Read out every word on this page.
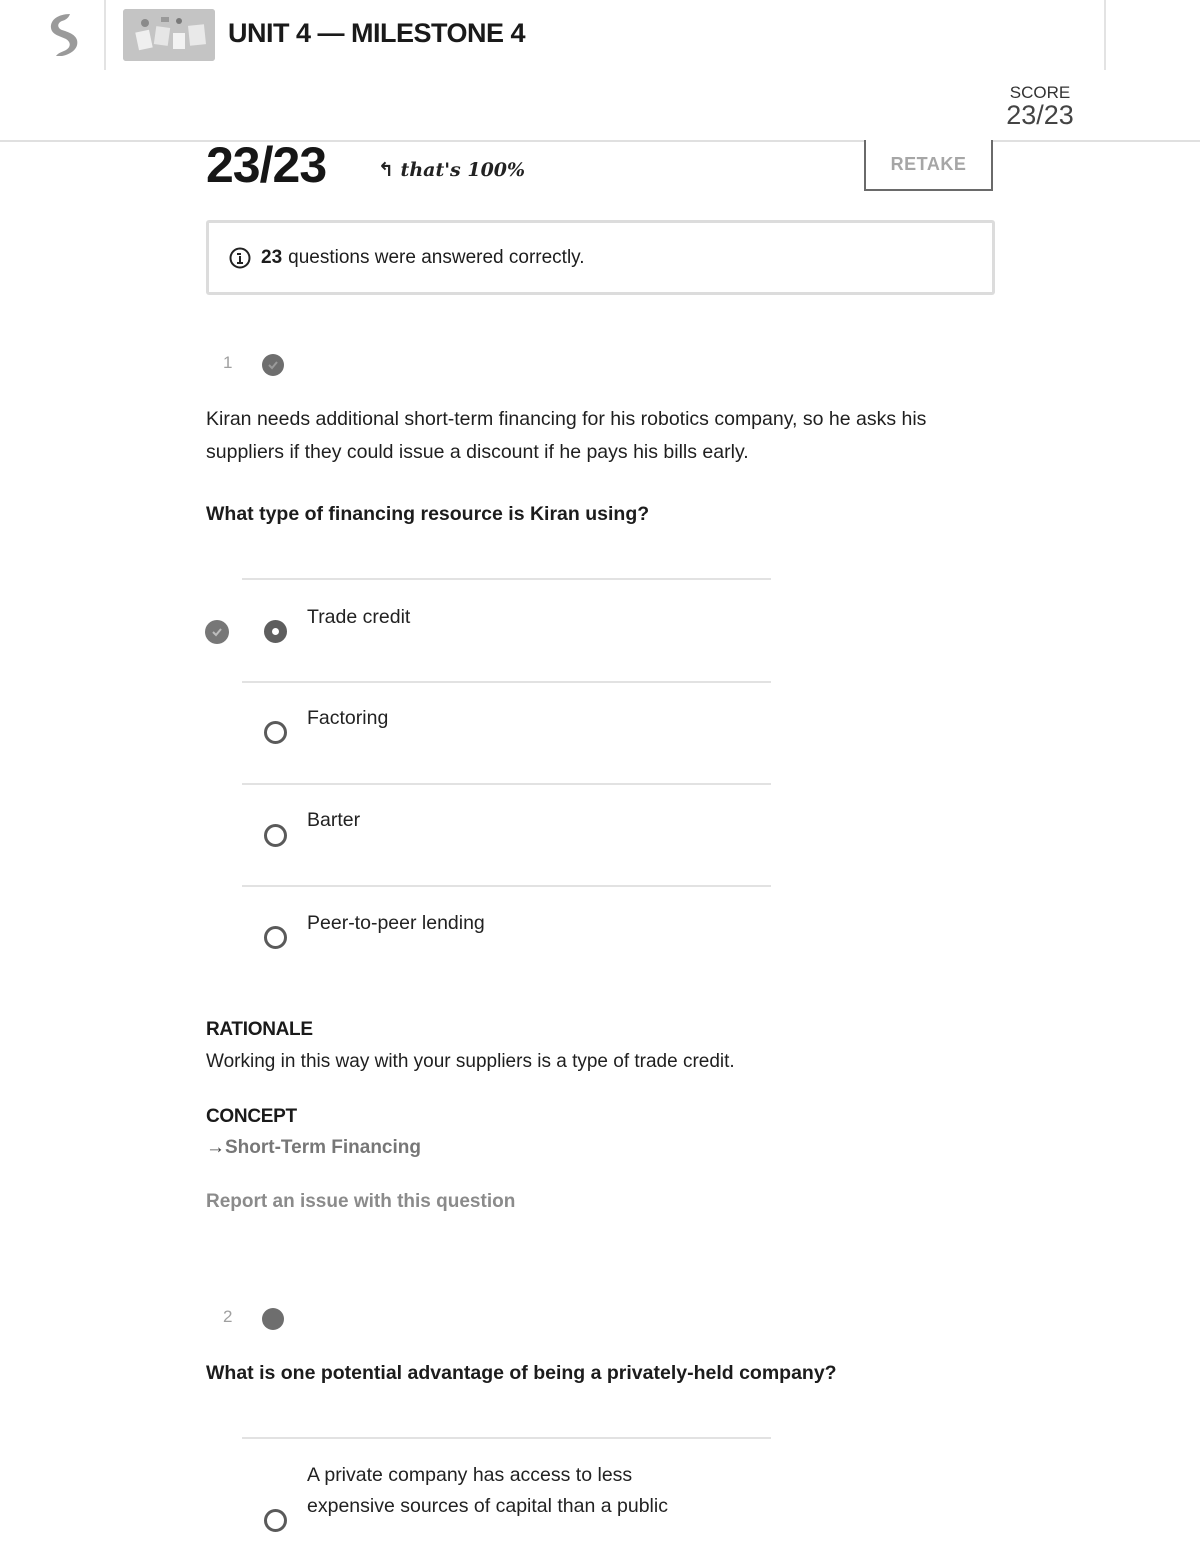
UNIT 4 — MILESTONE 4
SCORE
23/23
23/23	↰ that's 100%	RETAKE
23 questions were answered correctly.
1
Kiran needs additional short-term financing for his robotics company, so he asks his suppliers if they could issue a discount if he pays his bills early.
What type of financing resource is Kiran using?
Trade credit
Factoring
Barter
Peer-to-peer lending
RATIONALE
Working in this way with your suppliers is a type of trade credit.
CONCEPT
→Short-Term Financing
Report an issue with this question
2
What is one potential advantage of being a privately-held company?
A private company has access to less
expensive sources of capital than a public
